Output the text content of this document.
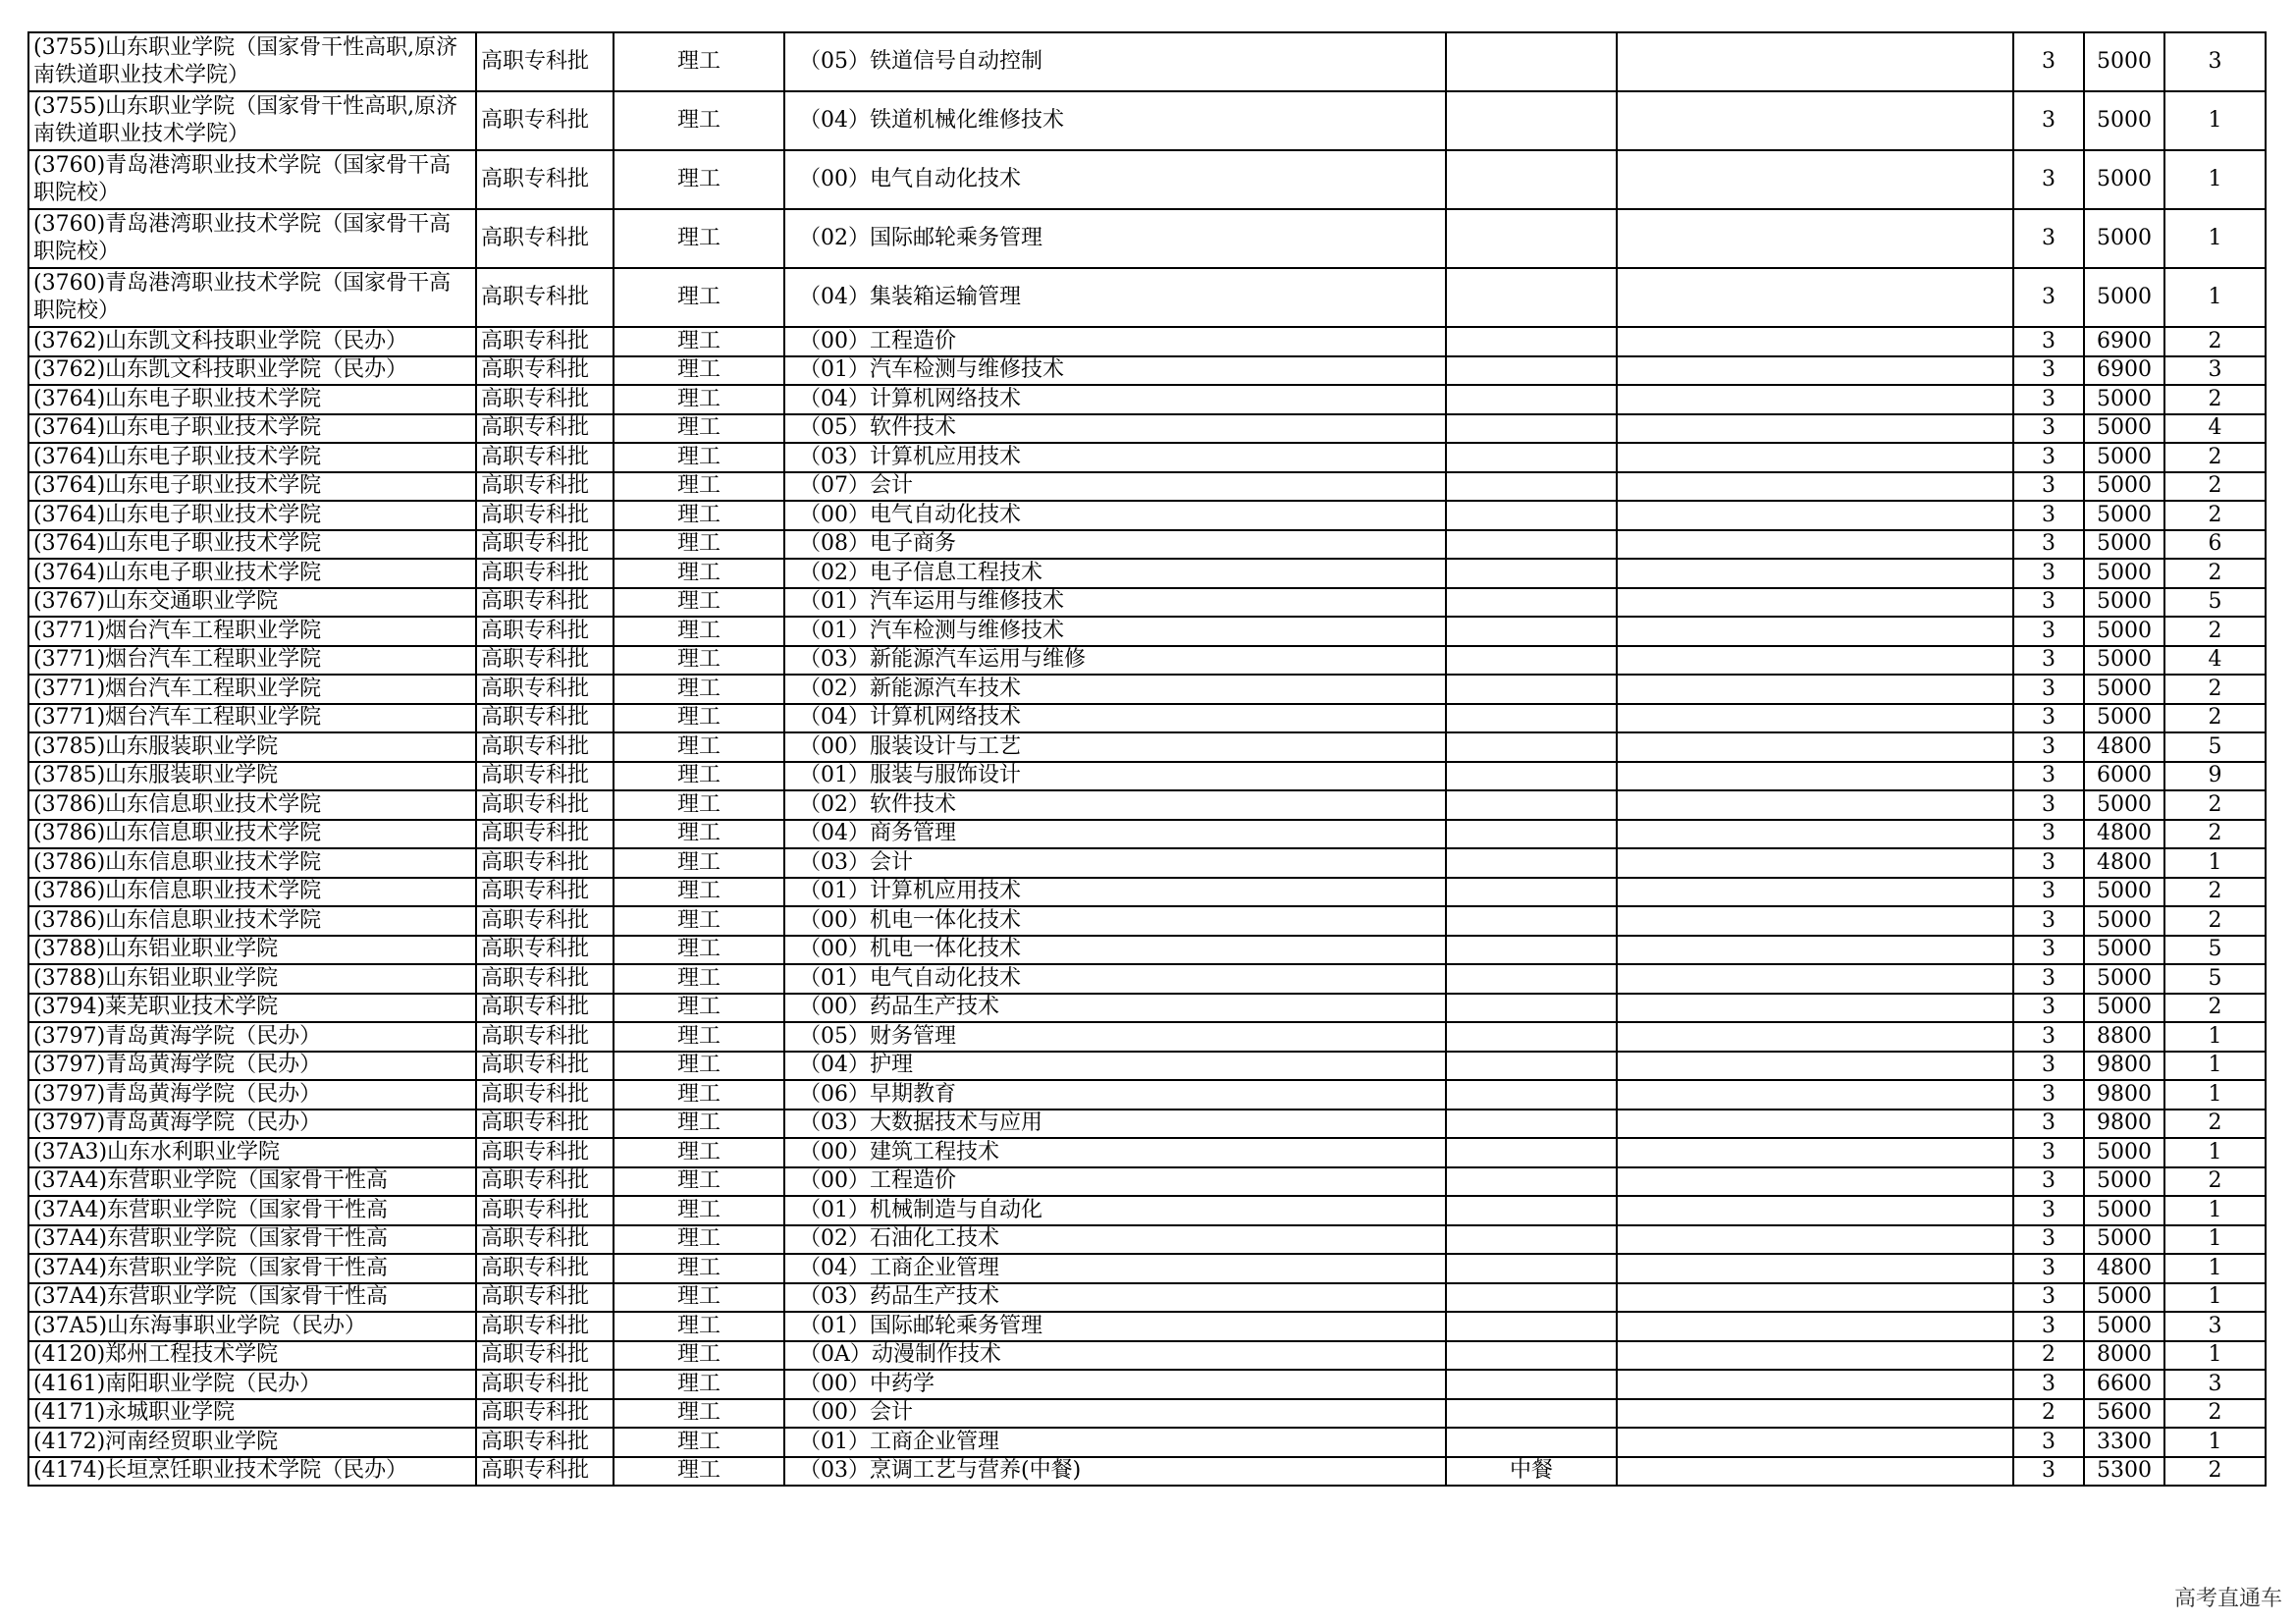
(3755)山东职业学院（国家骨干性高职,原济南铁道职业技术学院）	高职专科批	理工	（05）铁道信号自动控制			3	5000	3
(3755)山东职业学院（国家骨干性高职,原济南铁道职业技术学院）	高职专科批	理工	（04）铁道机械化维修技术			3	5000	1
(3760)青岛港湾职业技术学院（国家骨干高职院校）	高职专科批	理工	（00）电气自动化技术			3	5000	1
(3760)青岛港湾职业技术学院（国家骨干高职院校）	高职专科批	理工	（02）国际邮轮乘务管理			3	5000	1
(3760)青岛港湾职业技术学院（国家骨干高职院校）	高职专科批	理工	（04）集装箱运输管理			3	5000	1
(3762)山东凯文科技职业学院（民办）	高职专科批	理工	（00）工程造价			3	6900	2
(3762)山东凯文科技职业学院（民办）	高职专科批	理工	（01）汽车检测与维修技术			3	6900	3
(3764)山东电子职业技术学院	高职专科批	理工	（04）计算机网络技术			3	5000	2
(3764)山东电子职业技术学院	高职专科批	理工	（05）软件技术			3	5000	4
(3764)山东电子职业技术学院	高职专科批	理工	（03）计算机应用技术			3	5000	2
(3764)山东电子职业技术学院	高职专科批	理工	（07）会计			3	5000	2
(3764)山东电子职业技术学院	高职专科批	理工	（00）电气自动化技术			3	5000	2
(3764)山东电子职业技术学院	高职专科批	理工	（08）电子商务			3	5000	6
(3764)山东电子职业技术学院	高职专科批	理工	（02）电子信息工程技术			3	5000	2
(3767)山东交通职业学院	高职专科批	理工	（01）汽车运用与维修技术			3	5000	5
(3771)烟台汽车工程职业学院	高职专科批	理工	（01）汽车检测与维修技术			3	5000	2
(3771)烟台汽车工程职业学院	高职专科批	理工	（03）新能源汽车运用与维修			3	5000	4
(3771)烟台汽车工程职业学院	高职专科批	理工	（02）新能源汽车技术			3	5000	2
(3771)烟台汽车工程职业学院	高职专科批	理工	（04）计算机网络技术			3	5000	2
(3785)山东服装职业学院	高职专科批	理工	（00）服装设计与工艺			3	4800	5
(3785)山东服装职业学院	高职专科批	理工	（01）服装与服饰设计			3	6000	9
(3786)山东信息职业技术学院	高职专科批	理工	（02）软件技术			3	5000	2
(3786)山东信息职业技术学院	高职专科批	理工	（04）商务管理			3	4800	2
(3786)山东信息职业技术学院	高职专科批	理工	（03）会计			3	4800	1
(3786)山东信息职业技术学院	高职专科批	理工	（01）计算机应用技术			3	5000	2
(3786)山东信息职业技术学院	高职专科批	理工	（00）机电一体化技术			3	5000	2
(3788)山东铝业职业学院	高职专科批	理工	（00）机电一体化技术			3	5000	5
(3788)山东铝业职业学院	高职专科批	理工	（01）电气自动化技术			3	5000	5
(3794)莱芜职业技术学院	高职专科批	理工	（00）药品生产技术			3	5000	2
(3797)青岛黄海学院（民办）	高职专科批	理工	（05）财务管理			3	8800	1
(3797)青岛黄海学院（民办）	高职专科批	理工	（04）护理			3	9800	1
(3797)青岛黄海学院（民办）	高职专科批	理工	（06）早期教育			3	9800	1
(3797)青岛黄海学院（民办）	高职专科批	理工	（03）大数据技术与应用			3	9800	2
(37A3)山东水利职业学院	高职专科批	理工	（00）建筑工程技术			3	5000	1
(37A4)东营职业学院（国家骨干性高	高职专科批	理工	（00）工程造价			3	5000	2
(37A4)东营职业学院（国家骨干性高	高职专科批	理工	（01）机械制造与自动化			3	5000	1
(37A4)东营职业学院（国家骨干性高	高职专科批	理工	（02）石油化工技术			3	5000	1
(37A4)东营职业学院（国家骨干性高	高职专科批	理工	（04）工商企业管理			3	4800	1
(37A4)东营职业学院（国家骨干性高	高职专科批	理工	（03）药品生产技术			3	5000	1
(37A5)山东海事职业学院（民办）	高职专科批	理工	（01）国际邮轮乘务管理			3	5000	3
(4120)郑州工程技术学院	高职专科批	理工	（0A）动漫制作技术			2	8000	1
(4161)南阳职业学院（民办）	高职专科批	理工	（00）中药学			3	6600	3
(4171)永城职业学院	高职专科批	理工	（00）会计			2	5600	2
(4172)河南经贸职业学院	高职专科批	理工	（01）工商企业管理			3	3300	1
(4174)长垣烹饪职业技术学院（民办）	高职专科批	理工	（03）烹调工艺与营养(中餐)	中餐		3	5300	2
高考直通车
